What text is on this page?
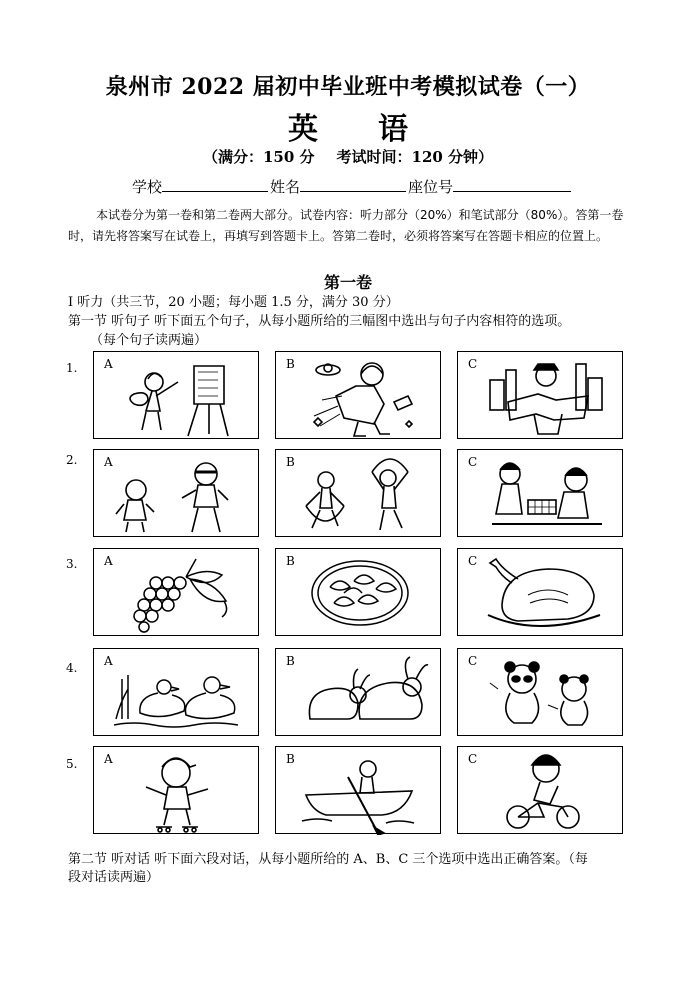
泉州市 2022 届初中毕业班中考模拟试卷（一）
英 语
（满分：150 分 考试时间：120 分钟）
学校	姓名	座位号
本试卷分为第一卷和第二卷两大部分。试卷内容：听力部分（20%）和笔试部分（80%）。答第一卷时，请先将答案写在试卷上，再填写到答题卡上。答第二卷时，必须将答案写在答题卡相应的位置上。
第一卷
I 听力（共三节，20 小题；每小题 1.5 分，满分 30 分）
第一节 听句子 听下面五个句子，从每小题所给的三幅图中选出与句子内容相符的选项。
（每个句子读两遍）
1. A	B	C
2. A	B	C
3. A	B	C
4. A	B	C
5. A	B	C
第二节 听对话 听下面六段对话，从每小题所给的 A、B、C 三个选项中选出正确答案。（每
段对话读两遍）
